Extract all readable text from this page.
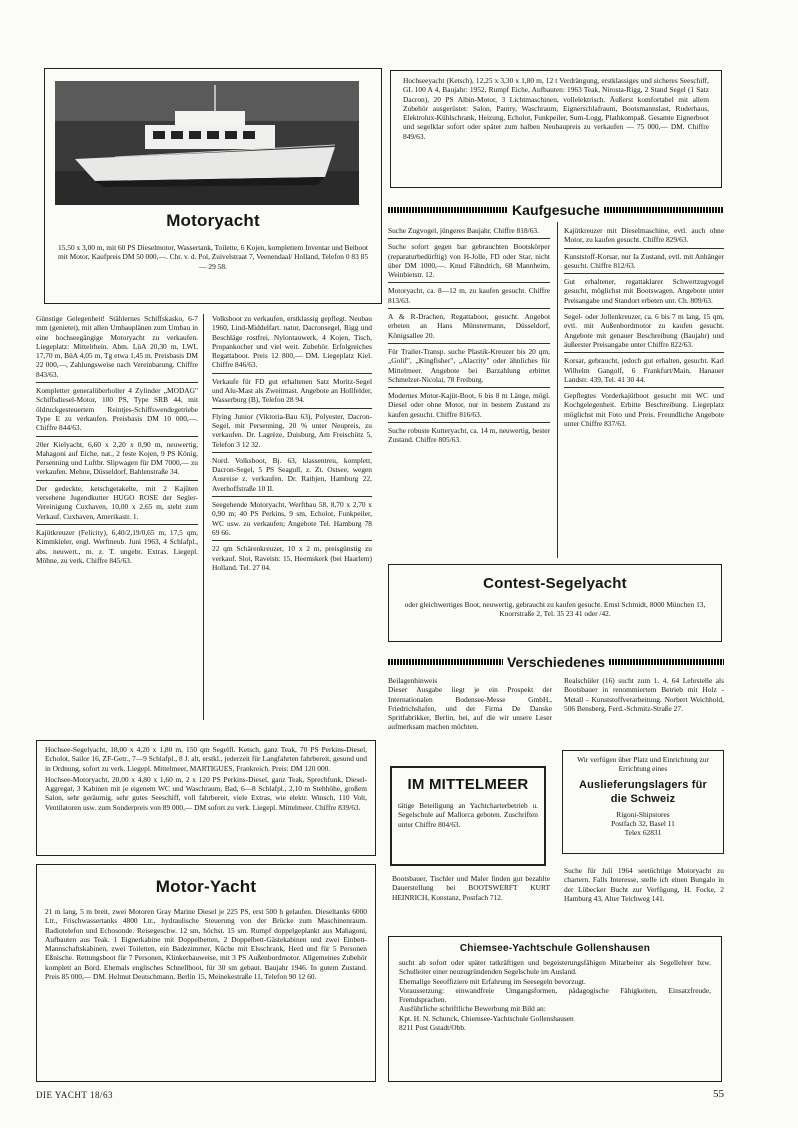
Motoryacht

15,50 x 3,00 m, mit 60 PS Dieselmotor, Wassertank, Toilette, 6 Kojen, komplettem Inventar und Beiboot mit Motor, Kaufpreis DM 50 000,—. Chr. v. d. Pol, Zuivelstraat 7, Veenendaal/ Holland, Telefon 0 83 85 — 29 58.

Günstige Gelegenheit! Stählernes Schiffskasko, 6-7 mm (genietet), mit allen Umbauplänen zum Umbau in eine hochseegängige Motoryacht zu verkaufen. Liegeplatz: Mittelrhein. Abm. LüA 20,30 m, LWL 17,70 m, BüA 4,05 m, Tg etwa 1,45 m. Preisbasis DM 22 000,—, Zahlungsweise nach Vereinbarung. Chiffre 843/63.

Kompletter generalüberholter 4 Zylinder „MODAG" Schiffsdiesel-Motor, 100 PS, Type SRB 44, mit öldruckgesteuertem Reintjes-Schiffswendegetriebe Type E zu verkaufen. Preisbasis DM 10 000,—. Chiffre 844/63.

20er Kielyacht, 6,60 x 2,20 x 0,90 m, neuwertig, Mahagoni auf Eiche, nat., 2 feste Kojen, 9 PS König, Persenning und Luftbr. Slipwagen für DM 7000,— zu verkaufen. Mehne, Düsseldorf, Bahlenstraße 34.

Der gedeckte, ketschgetakelte, mit 2 Kajüten versehene Jugendkutter HUGO ROSE der Segler-Vereinigung Cuxhaven, 10,00 x 2,65 m, steht zum Verkauf. Cuxhaven, Amerikastr. 1.

Kajütkreuzer (Felicity), 6,40/2,19/0,65 m, 17,5 qm, Kimmkieler, engl. Werftneub. Juni 1963, 4 Schlafpl., abs. neuwert., m. z. T. ungebr. Extras. Liegepl. Möhne, zu verk. Chiffre 845/63.

Volksboot zu verkaufen, erstklassig gepflegt. Neubau 1960, Lind-Middelfart. natur, Dacronsegel, Rigg und Beschläge rostfrei, Nylontauwerk, 4 Kojen, Tisch, Propankocher und viel weit. Zubehör. Erfolgreiches Regattaboot. Preis 12 800,— DM. Liegeplatz Kiel. Chiffre 846/63.

Verkaufe für FD gut erhaltenen Satz Moritz-Segel und Alu-Mast als Zweitmast. Angebote an Hollfelder, Wasserburg (B), Telefon 28 94.

Flying Junior (Viktoria-Bau 63), Polyester, Dacron-Segel, mit Persenning, 20 % unter Neupreis, zu verkaufen. Dr. Lagrèze, Duisburg, Am Freischütz 5, Telefon 3 12 32.

Nord. Volksboot, Bj. 63, klassentreu, komplett, Dacron-Segel, 5 PS Seagull, z. Zt. Ostsee, wegen Ausreise z. verkaufen. Dr. Rathjen, Hamburg 22, Averhoffstraße 10 II.

Seegehende Motoryacht, Werftbau 58, 8,70 x 2,70 x 0,90 m; 40 PS Perkins, 9 sm, Echolot, Funkpeiler, WC usw. zu verkaufen; Angebote Tel. Hamburg 78 69 66.

22 qm Schärenkreuzer, 10 x 2 m, preisgünstig zu verkauf. Slot, Raveistr. 15, Heemskerk (bei Haarlem) Holland. Tel. 27 04.

Hochsee-Segelyacht, 18,00 x 4,20 x 1,80 m, 150 qm Segelfl. Ketsch, ganz Teak, 70 PS Perkins-Diesel, Echolot, Sailor 16, ZF-Getr., 7—9 Schlafpl., 8 J. alt, erstkl., jederzeit für Langfahrten fahrbereit, gesund und in Ordnung, sofort zu verk. Liegepl. Mittelmeer, MARTIGUES, Frankreich. Preis: DM 120 000.

Hochsee-Motoryacht, 20,00 x 4,80 x 1,60 m, 2 x 120 PS Perkins-Diesel, ganz Teak, Sprechfunk, Diesel-Aggregat, 3 Kabinen mit je eigenem WC und Waschraum, Bad, 6—8 Schlafpl., 2,10 m Stehhöhe, großem Salon, sehr geräumig, sehr gutes Seeschiff, voll fahrbereit, viele Extras, wie elektr. Winsch, 110 Volt, Ventilatoren usw. zum Sonderpreis von 89 000,— DM sofort zu verk. Liegepl. Mittelmeer. Chiffre 839/63.

Motor-Yacht

21 m lang, 5 m breit, zwei Motoren Gray Marine Diesel je 225 PS, erst 500 h gelaufen. Dieseltanks 6000 Ltr., Frischwassertanks 4800 Ltr., hydraulische Steuerung von der Brücke zum Maschinenraum. Radiotelefon und Echosonde. Reisegeschw. 12 sm, höchst. 15 sm. Rumpf doppelgeplankt aus Mahagoni, Aufbauten aus Teak. 1 Eignerkabine mit Doppelbetten, 2 Doppelbett-Gästekabinen und zwei Einbett-Mannschaftskabinen, zwei Toiletten, ein Badezimmer, Küche mit Elsschrank, Herd und für 5 Personen Eßnische. Rettungsboot für 7 Personen, Klinkerbauweise, mit 3 PS Außenbordmotor. Allgemeines Zubehör komplett an Bord. Ehemals englisches Schnellboot, für 30 sm gebaut. Baujahr 1946. In gutem Zustand. Preis 85 000,— DM. Helmut Deutschmann, Berlin 15, Meinekestraße 11, Telefon 90 12 60.

Hochseeyacht (Ketsch), 12,25 x 3,30 x 1,80 m, 12 t Verdrängung, erstklassiges und sicheres Seeschiff, GL 100 A 4, Baujahr: 1952, Rumpf Eiche, Aufbauten: 1963 Teak, Nirosta-Rigg, 2 Stand Segel (1 Satz Dacron), 20 PS Albin-Motor, 3 Lichtmaschinen, vollelektrisch. Äußerst komfortabel mit allem Zubehör ausgerüstet: Salon, Pantry, Waschraum, Eignerschlafraum, Bootsmannslast, Ruderhaus, Elektrolux-Kühlschrank, Heizung, Echolot, Funkpeiler, Sum-Logg, Plathkompaß. Gesamte Eignerboot und segelklar sofort oder später zum halben Neubaupreis zu verkaufen — 75 000,— DM. Chiffre 849/63.

Kaufgesuche

Suche Zugvogel, jüngeres Baujahr. Chiffre 818/63.

Suche sofort gegen bar gebrauchten Bootskörper (reparaturbedürftig) von H-Jolle, FD oder Star, nicht über DM 1000,—. Knud Fähndrich, 68 Mannheim, Weinbietstr. 12.

Motoryacht, ca. 8—12 m, zu kaufen gesucht. Chiffre 813/63.

A & R-Drachen, Regattaboot, gesucht. Angebot erbeten an Hans Münstermann, Düsseldorf, Königsallee 20.

Für Trailer-Transp. suche Plastik-Kreuzer bis 20 qm, „Golif", „Kingfisher", „Alacrity" oder ähnliches für Mittelmeer. Angebote bei Barzahlung erbittet Schmelzer-Nicolai, 78 Freiburg.

Modernes Motor-Kajüt-Boot, 6 bis 8 m Länge, mögl. Diesel oder ohne Motor, nur in bestem Zustand zu kaufen gesucht. Chiffre 816/63.

Suche robuste Kutteryacht, ca. 14 m, neuwertig, bester Zustand. Chiffre 805/63.

Kajütkreuzer mit Dieselmaschine, evtl. auch ohne Motor, zu kaufen gesucht. Chiffre 829/63.

Kunststoff-Korsar, nur Ia Zustand, evtl. mit Anhänger gesucht. Chiffre 812/63.

Gut erhaltener, regattaklarer Schwertzugvogel gesucht, möglichst mit Bootswagen. Angebote unter Preisangabe und Standort erbeten unt. Ch. 809/63.

Segel- oder Jollenkreuzer, ca. 6 bis 7 m lang, 15 qm, evtl. mit Außenbordmotor zu kaufen gesucht. Angebote mit genauer Beschreibung (Baujahr) und äußerster Preisangabe unter Chiffre 822/63.

Korsar, gebraucht, jedoch gut erhalten, gesucht. Karl Wilhelm Gangolf, 6 Frankfurt/Main, Hanauer Landstr. 439, Tel. 41 30 44.

Gepflegtes Vorderkajütboot gesucht mit WC und Kochgelegenheit. Erbitte Beschreibung. Liegeplatz möglichst mit Foto und Preis. Freundliche Angebote unter Chiffre 837/63.

Contest-Segelyacht

oder gleichwertiges Boot, neuwertig, gebraucht zu kaufen gesucht. Ernst Schmidt, 8000 München 13, Knorrstraße 2, Tel. 35 23 41 oder /42.

Verschiedenes

Beilagenhinweis
Dieser Ausgabe liegt je ein Prospekt der Internationalen Bodensee-Messe GmbH., Friedrichshafen, und der Firma De Danske Spritfabrikker, Berlin, bei, auf die wir unsere Leser aufmerksam machen möchten.

Realschüler (16) sucht zum 1. 4. 64 Lehrstelle als Bootsbauer in renommiertem Betrieb mit Holz - Metall - Kunststoffverarbeitung. Norbert Weichhold, 506 Bensberg, Ferd.-Schmitz-Straße 27.

IM MITTELMEER

tätige Beteiligung an Yachtcharterbetrieb u. Segelschule auf Mallorca geboten. Zuschriften unter Chiffre 804/63.

Wir verfügen über Platz und Einrichtung zur Errichtung eines

Auslieferungslagers für die Schweiz

Rigoni-Shipstores
Postfach 32, Basel 11
Telex 62831

Bootsbauer, Tischler und Maler finden gut bezahlte Dauerstellung bei BOOTSWERFT KURT HEINRICH, Konstanz, Postfach 712.

Suche für Juli 1964 seetüchtige Motoryacht zu chartern. Falls Interesse, stelle ich einen Bungalo in der Lübecker Bucht zur Verfügung, H. Focke, 2 Hamburg 43, Alter Teichweg 141.

Chiemsee-Yachtschule Gollenshausen

sucht ab sofort oder später tatkräftigen und begeisterungsfähigen Mitarbeiter als Segellehrer bzw. Schulleiter einer neuzugründenden Segelschule im Ausland.
Ehemalige Seeoffiziere mit Erfahrung im Seesegeln bevorzugt.
Voraussetzung: einwandfreie Umgangsformen, pädagogische Fähigkeiten, Einsatzfreude, Fremdsprachen.
Ausführliche schriftliche Bewerbung mit Bild an:
Kpt. H. N. Schunck, Chiemsee-Yachtschule Gollenshausen
8211 Post Gstadt/Obb.

DIE YACHT 18/63	55
